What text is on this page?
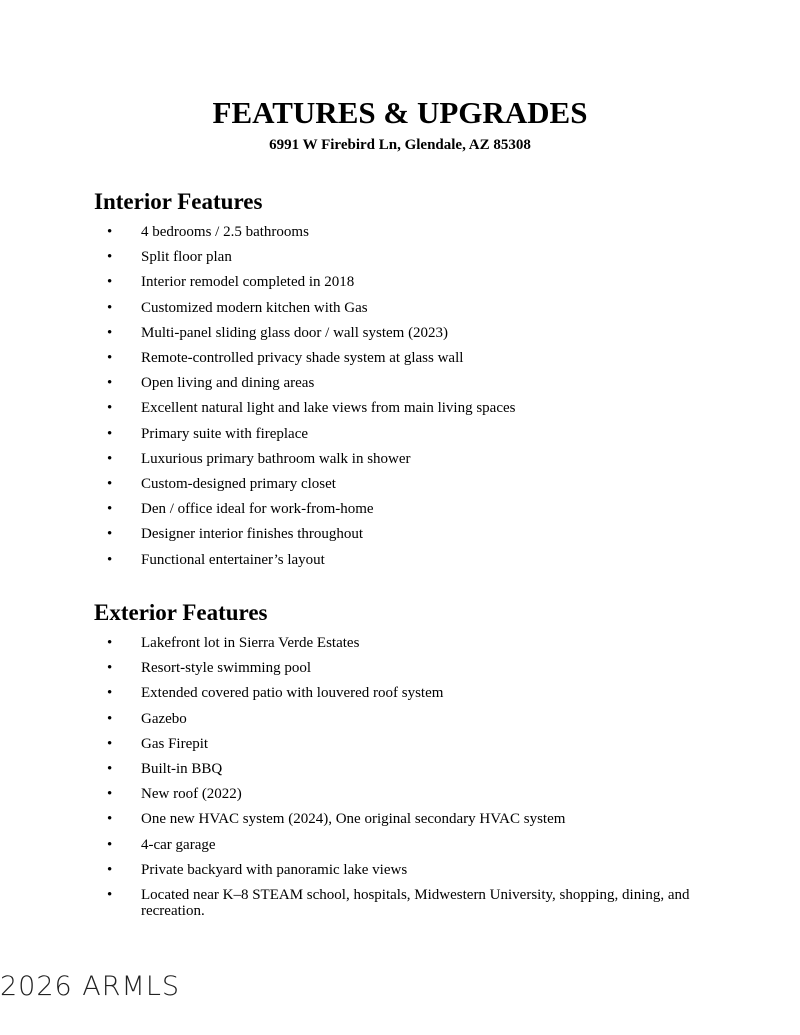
FEATURES & UPGRADES
6991 W Firebird Ln, Glendale, AZ 85308
Interior Features
• 4 bedrooms / 2.5 bathrooms
• Split floor plan
• Interior remodel completed in 2018
• Customized modern kitchen with Gas
• Multi-panel sliding glass door / wall system (2023)
• Remote-controlled privacy shade system at glass wall
• Open living and dining areas
• Excellent natural light and lake views from main living spaces
• Primary suite with fireplace
• Luxurious primary bathroom walk in shower
• Custom-designed primary closet
• Den / office ideal for work-from-home
• Designer interior finishes throughout
• Functional entertainer’s layout
Exterior Features
• Lakefront lot in Sierra Verde Estates
• Resort-style swimming pool
• Extended covered patio with louvered roof system
• Gazebo
• Gas Firepit
• Built-in BBQ
• New roof (2022)
• One new HVAC system (2024), One original secondary HVAC system
• 4-car garage
• Private backyard with panoramic lake views
• Located near K–8 STEAM school, hospitals, Midwestern University, shopping, dining, and recreation.
2026 ARMLS
